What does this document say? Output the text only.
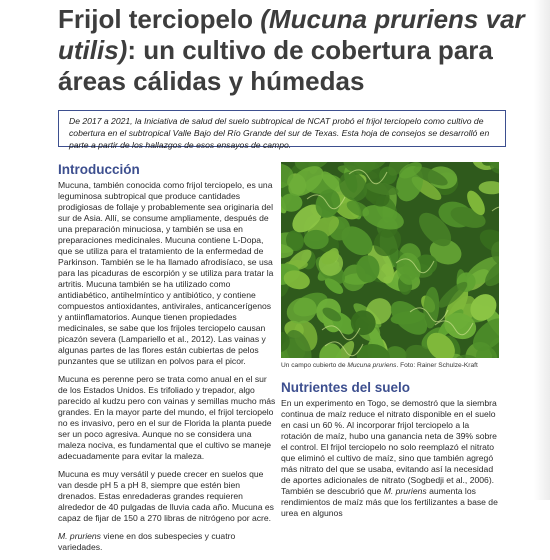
Frijol terciopelo (Mucuna pruriens var utilis): un cultivo de cobertura para áreas cálidas y húmedas
De 2017 a 2021, la Iniciativa de salud del suelo subtropical de NCAT probó el frijol terciopelo como cultivo de cobertura en el subtropical Valle Bajo del Río Grande del sur de Texas. Esta hoja de consejos se desarrolló en parte a partir de los hallazgos de esos ensayos de campo.
Introducción

Mucuna, también conocida como frijol terciopelo, es una leguminosa subtropical que produce cantidades prodigiosas de follaje y probablemente sea originaria del sur de Asia. Allí, se consume ampliamente, después de una preparación minuciosa, y también se usa en preparaciones medicinales. Mucuna contiene L-Dopa, que se utiliza para el tratamiento de la enfermedad de Parkinson. También se le ha llamado afrodisíaco, se usa para las picaduras de escorpión y se utiliza para tratar la artritis. Mucuna también se ha utilizado como antidiabético, antihelmíntico y antibiótico, y contiene compuestos antioxidantes, antivirales, anticancerígenos y antiinflamatorios. Aunque tienen propiedades medicinales, se sabe que los frijoles terciopelo causan picazón severa (Lampariello et al., 2012). Las vainas y algunas partes de las flores están cubiertas de pelos punzantes que se utilizan en polvos para el picor.

Mucuna es perenne pero se trata como anual en el sur de los Estados Unidos. Es trifoliado y trepador, algo parecido al kudzu pero con vainas y semillas mucho más grandes. En la mayor parte del mundo, el frijol terciopelo no es invasivo, pero en el sur de Florida la planta puede ser un poco agresiva. Aunque no se considera una maleza nociva, es fundamental que el cultivo se maneje adecuadamente para evitar la maleza.

Mucuna es muy versátil y puede crecer en suelos que van desde pH 5 a pH 8, siempre que estén bien drenados. Estas enredaderas grandes requieren alrededor de 40 pulgadas de lluvia cada año. Mucuna es capaz de fijar de 150 a 270 libras de nitrógeno por acre.

M. pruriens viene en dos subespecies y cuatro variedades.

Un campo cubierto de Mucuna pruriens. Foto: Rainer Schulze-Kraft
Nutrientes del suelo

En un experimento en Togo, se demostró que la siembra continua de maíz reduce el nitrato disponible en el suelo en casi un 60 %. Al incorporar frijol terciopelo a la rotación de maíz, hubo una ganancia neta de 39% sobre el control. El frijol terciopelo no solo reemplazó el nitrato que eliminó el cultivo de maíz, sino que también agregó más nitrato del que se usaba, evitando así la necesidad de aportes adicionales de nitrato (Sogbedji et al., 2006). También se descubrió que M. pruriens aumenta los rendimientos de maíz más que los fertilizantes a base de urea en algunos
